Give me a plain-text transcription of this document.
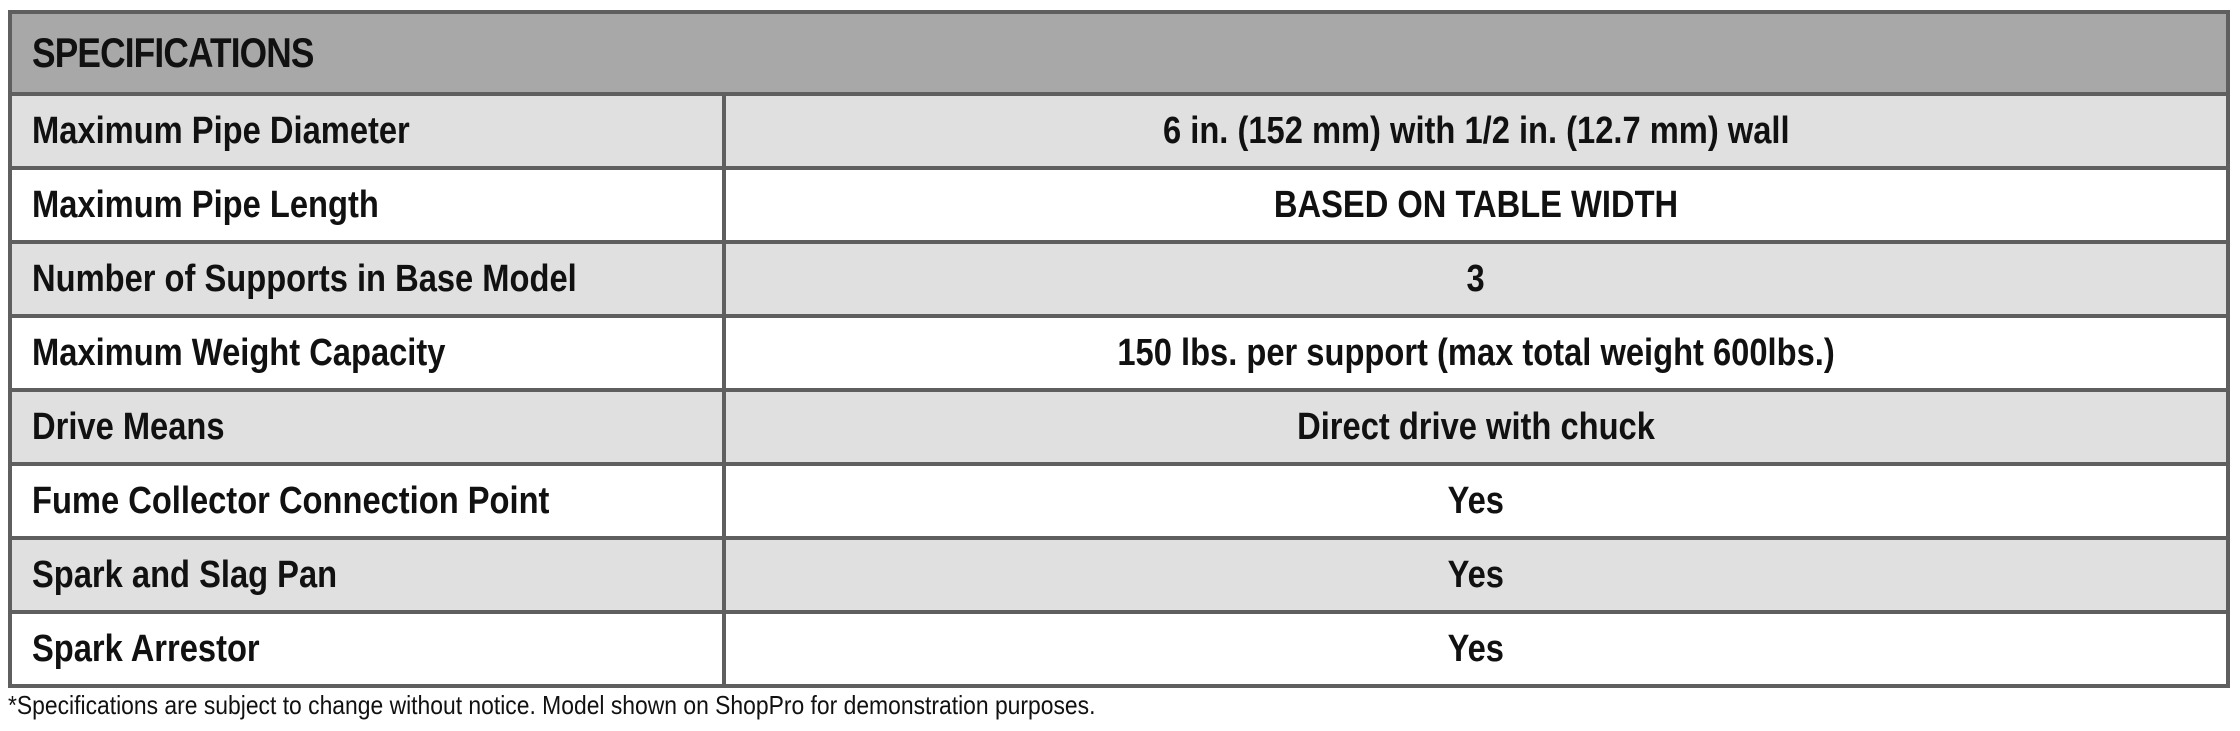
SPECIFICATIONS
Maximum Pipe Diameter	6 in. (152 mm) with 1/2 in. (12.7 mm) wall
Maximum Pipe Length	BASED ON TABLE WIDTH
Number of Supports in Base Model	3
Maximum Weight Capacity	150 lbs. per support (max total weight 600lbs.)
Drive Means	Direct drive with chuck
Fume Collector Connection Point	Yes
Spark and Slag Pan	Yes
Spark Arrestor	Yes
*Specifications are subject to change without notice. Model shown on ShopPro for demonstration purposes.
